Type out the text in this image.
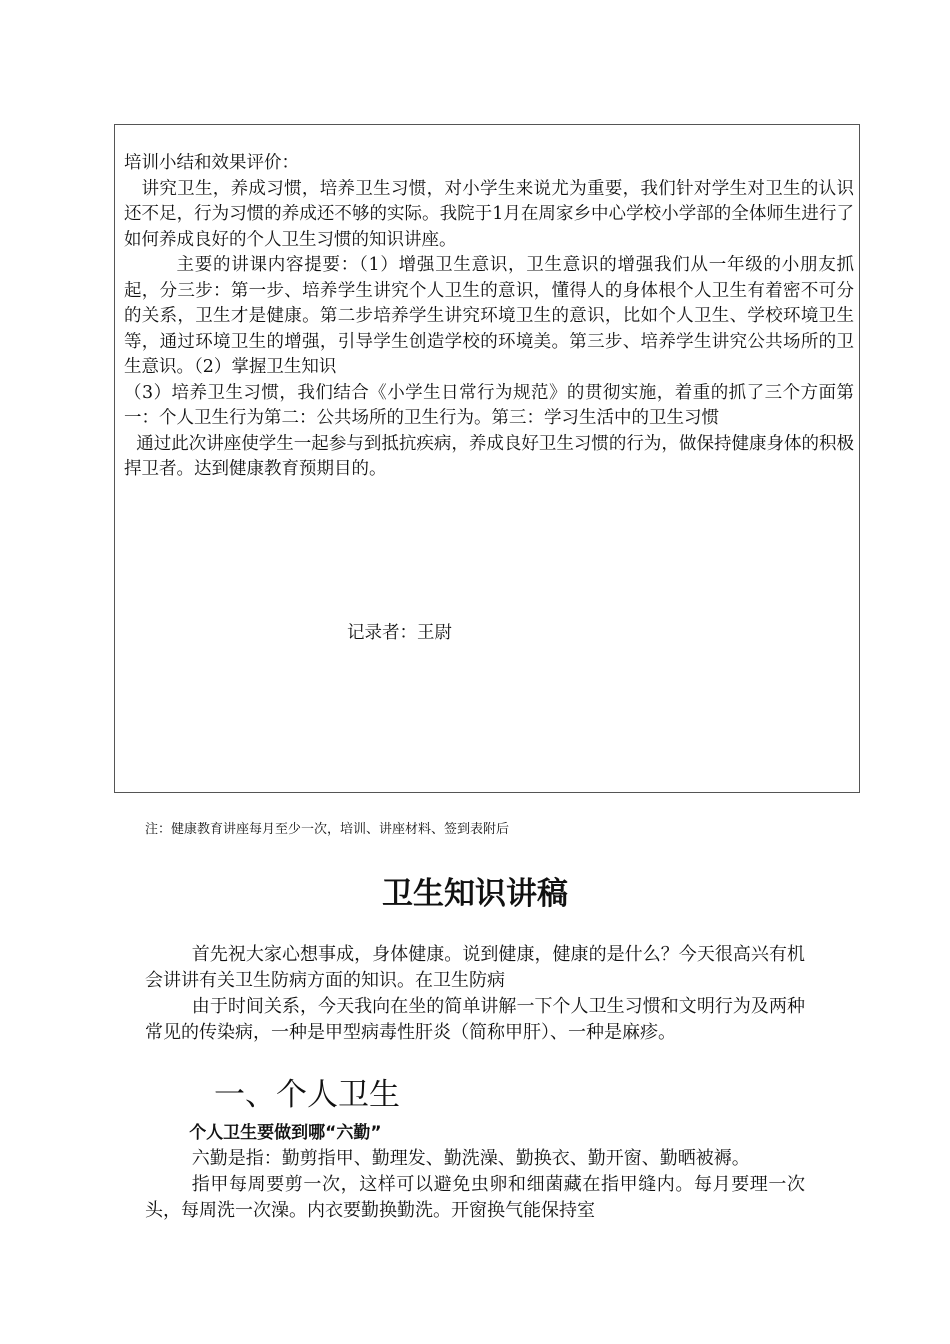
培训小结和效果评价：

讲究卫生，养成习惯，培养卫生习惯，对小学生来说尤为重要，我们针对学生对卫生的认识还不足，行为习惯的养成还不够的实际。我院于1月在周家乡中心学校小学部的全体师生进行了如何养成良好的个人卫生习惯的知识讲座。

主要的讲课内容提要：（1）增强卫生意识，卫生意识的增强我们从一年级的小朋友抓起，分三步：第一步、培养学生讲究个人卫生的意识，懂得人的身体根个人卫生有着密不可分的关系，卫生才是健康。第二步培养学生讲究环境卫生的意识，比如个人卫生、学校环境卫生等，通过环境卫生的增强，引导学生创造学校的环境美。第三步、培养学生讲究公共场所的卫生意识。（2）掌握卫生知识

（3）培养卫生习惯，我们结合《小学生日常行为规范》的贯彻实施，着重的抓了三个方面第一：个人卫生行为第二：公共场所的卫生行为。第三：学习生活中的卫生习惯

通过此次讲座使学生一起参与到抵抗疾病，养成良好卫生习惯的行为，做保持健康身体的积极捍卫者。达到健康教育预期目的。

记录者：王尉
注：健康教育讲座每月至少一次，培训、讲座材料、签到表附后
卫生知识讲稿

首先祝大家心想事成，身体健康。说到健康，健康的是什么？今天很高兴有机会讲讲有关卫生防病方面的知识。在卫生防病

由于时间关系，今天我向在坐的简单讲解一下个人卫生习惯和文明行为及两种常见的传染病，一种是甲型病毒性肝炎（简称甲肝）、一种是麻疹。

一、个人卫生

个人卫生要做到哪“六勤”

六勤是指：勤剪指甲、勤理发、勤洗澡、勤换衣、勤开窗、勤晒被褥。

指甲每周要剪一次，这样可以避免虫卵和细菌藏在指甲缝内。每月要理一次头，每周洗一次澡。内衣要勤换勤洗。开窗换气能保持室
